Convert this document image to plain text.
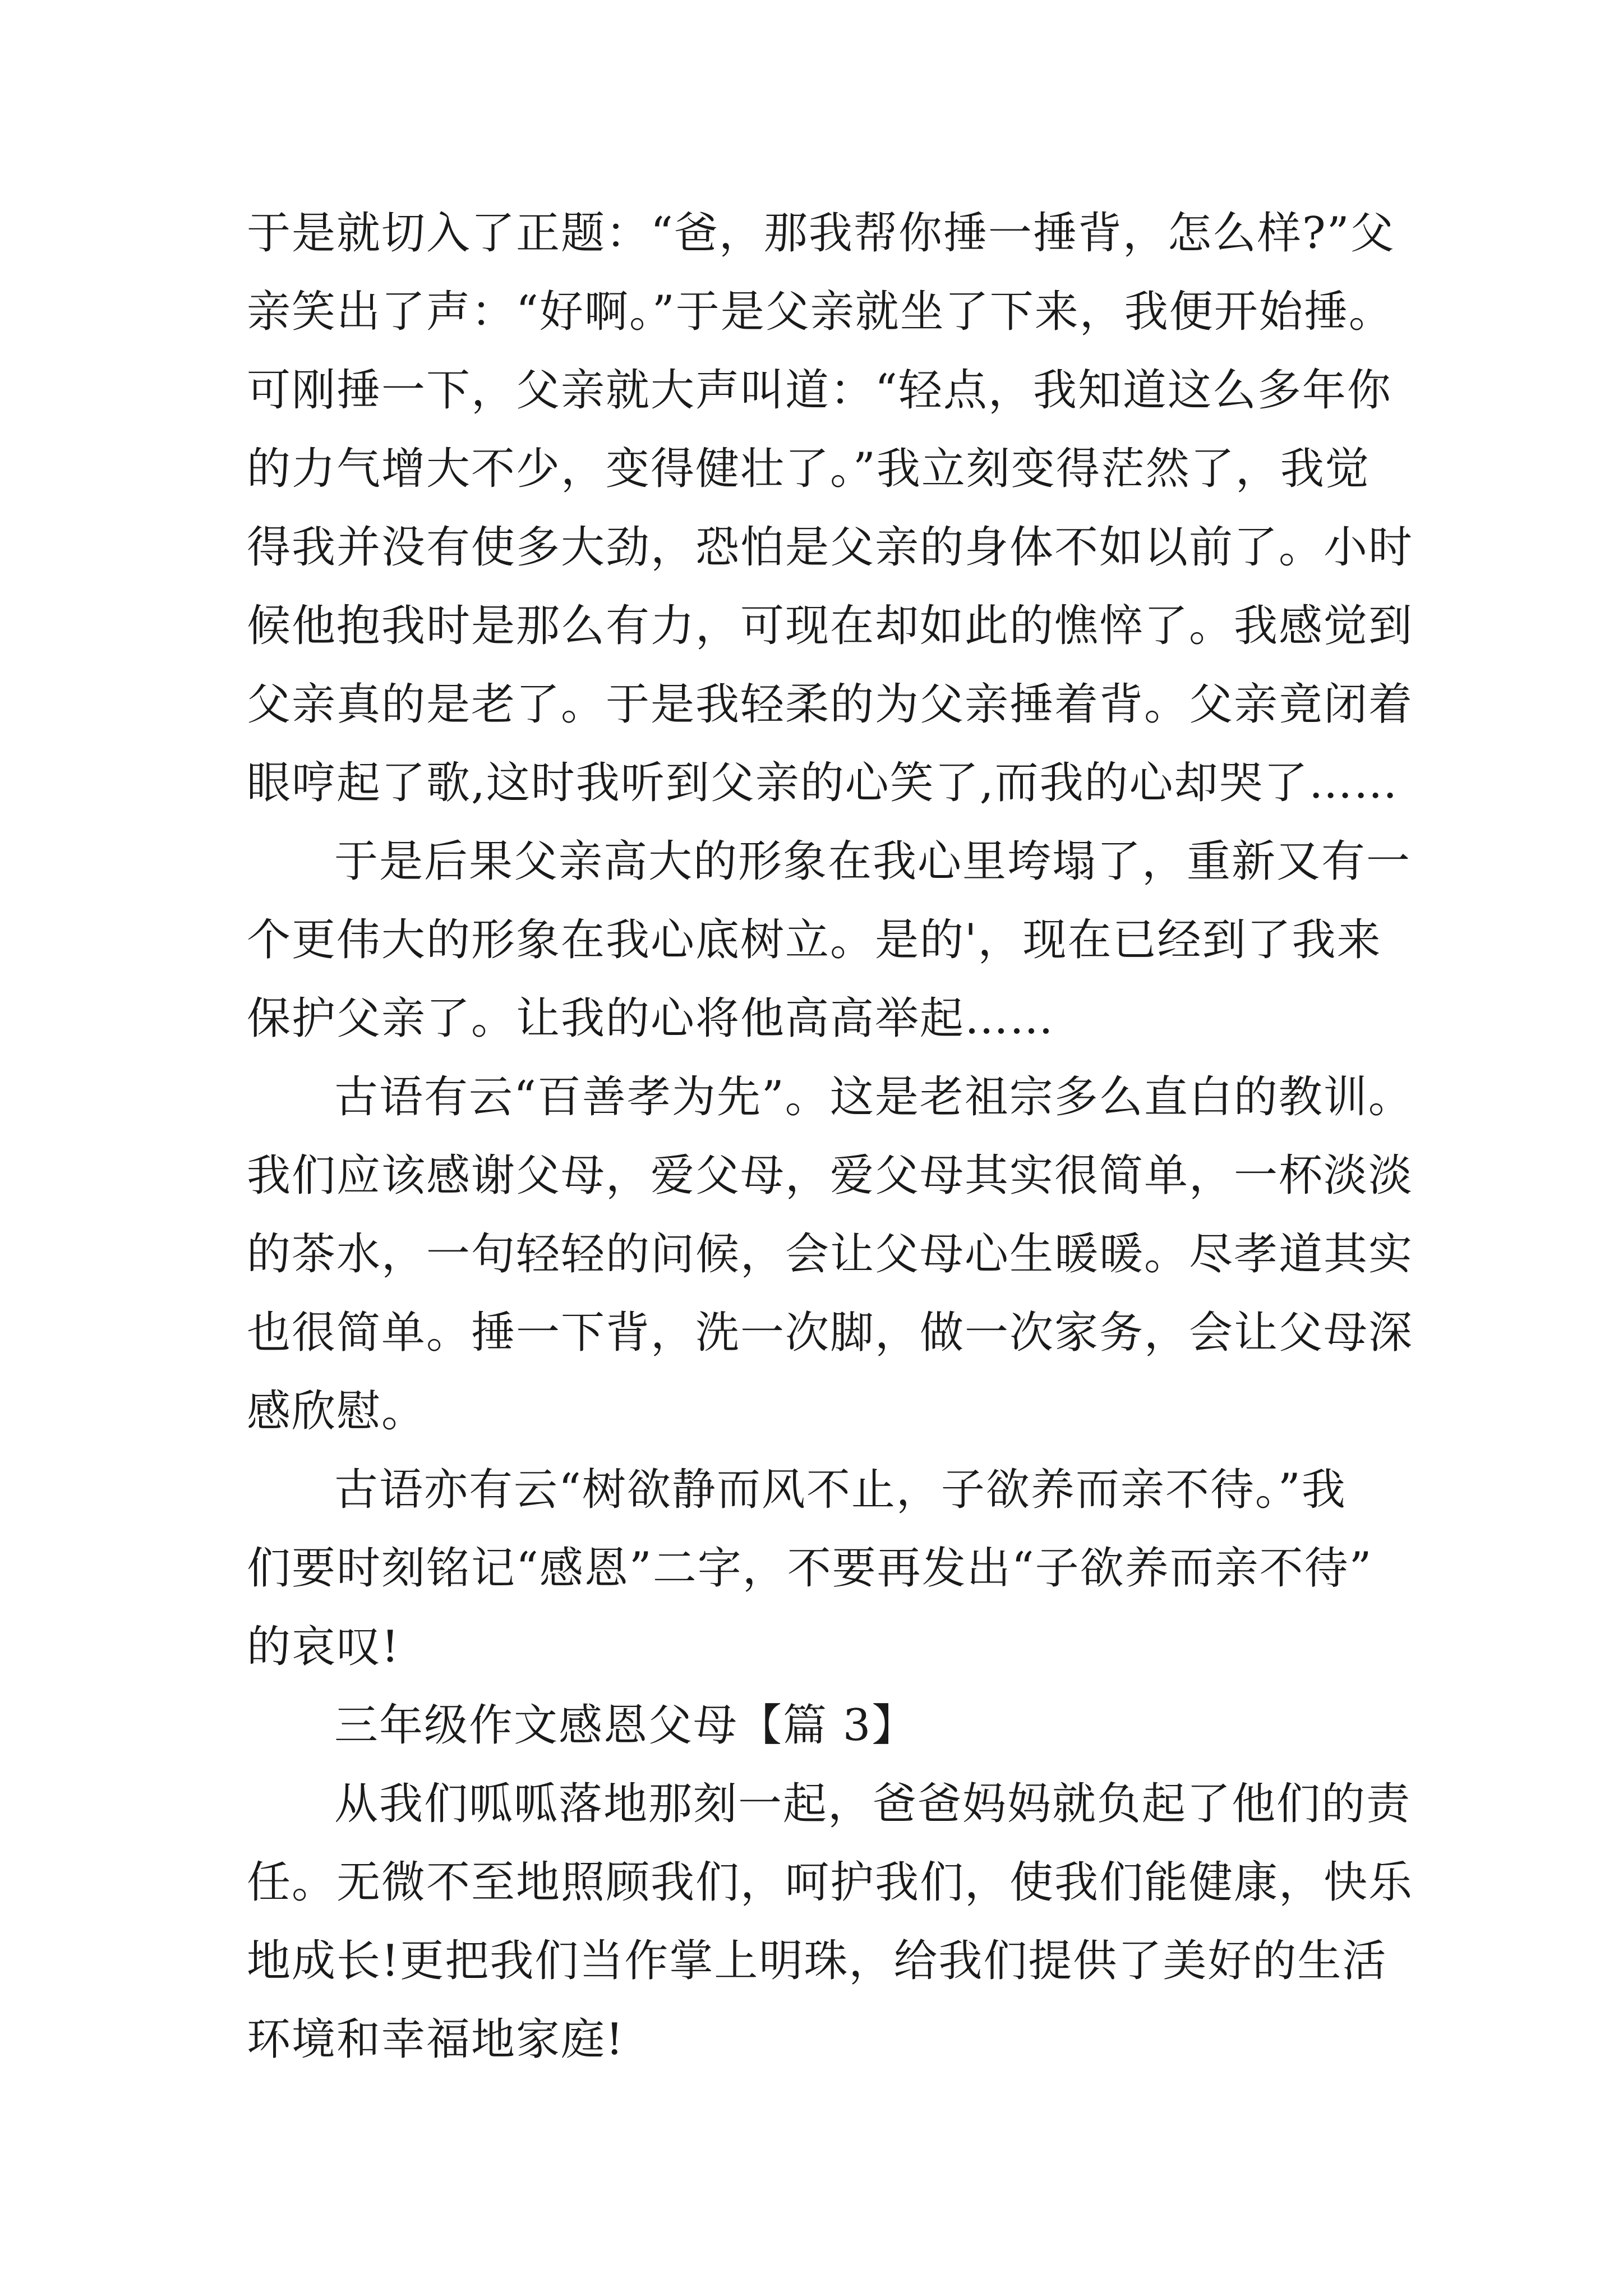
于是就切入了正题：“爸，那我帮你捶一捶背，怎么样?”父
亲笑出了声：“好啊。”于是父亲就坐了下来，我便开始捶。
可刚捶一下，父亲就大声叫道：“轻点，我知道这么多年你
的力气增大不少，变得健壮了。”我立刻变得茫然了，我觉
得我并没有使多大劲，恐怕是父亲的身体不如以前了。小时
候他抱我时是那么有力，可现在却如此的憔悴了。我感觉到
父亲真的是老了。于是我轻柔的为父亲捶着背。父亲竟闭着
眼哼起了歌,这时我听到父亲的心笑了,而我的心却哭了……
于是后果父亲高大的形象在我心里垮塌了，重新又有一
个更伟大的形象在我心底树立。是的'，现在已经到了我来
保护父亲了。让我的心将他高高举起……
古语有云“百善孝为先”。这是老祖宗多么直白的教训。
我们应该感谢父母，爱父母，爱父母其实很简单，一杯淡淡
的茶水，一句轻轻的问候，会让父母心生暖暖。尽孝道其实
也很简单。捶一下背，洗一次脚，做一次家务，会让父母深
感欣慰。
古语亦有云“树欲静而风不止，子欲养而亲不待。”我
们要时刻铭记“感恩”二字，不要再发出“子欲养而亲不待”
的哀叹!
三年级作文感恩父母【篇 3】
从我们呱呱落地那刻一起，爸爸妈妈就负起了他们的责
任。无微不至地照顾我们，呵护我们，使我们能健康，快乐
地成长!更把我们当作掌上明珠，给我们提供了美好的生活
环境和幸福地家庭!
